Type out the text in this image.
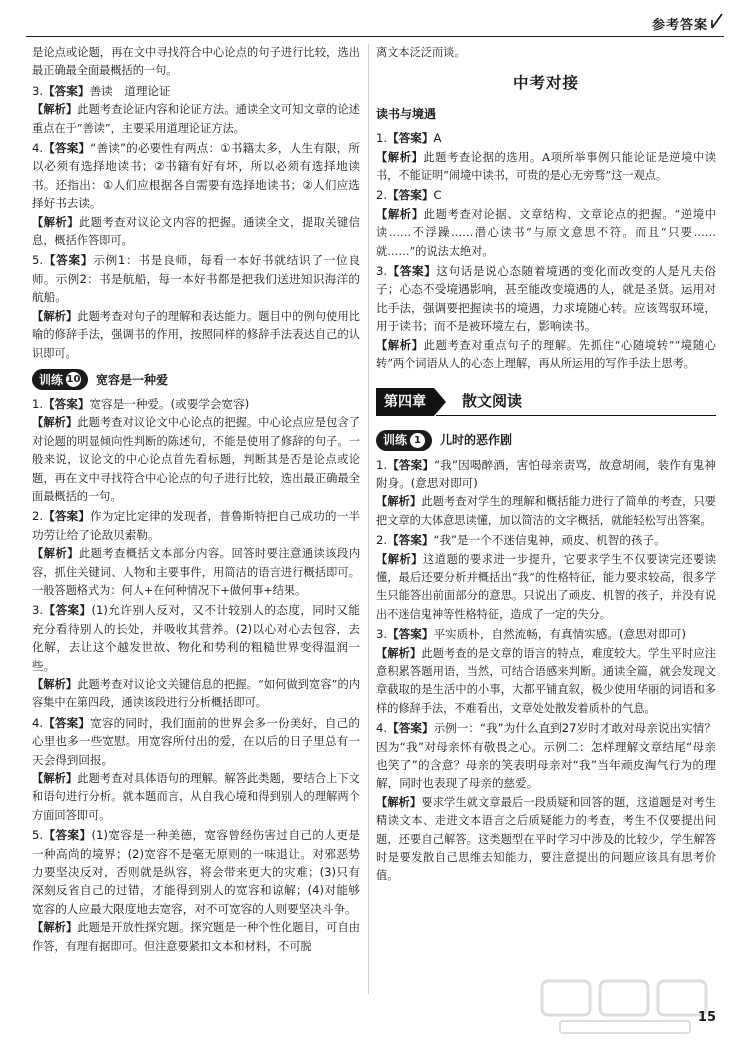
参考答案

是论点或论题，再在文中寻找符合中心论点的句子进行比较，选出最正确最全面最概括的一句。

3.【答案】善读　道理论证

【解析】此题考查论证内容和论证方法。通读全文可知文章的论述重点在于“善读”，主要采用道理论证方法。

4.【答案】“善读”的必要性有两点：①书籍太多，人生有限，所以必须有选择地读书；②书籍有好有坏，所以必须有选择地读书。还指出：①人们应根据各自需要有选择地读书；②人们应选择好书去读。

【解析】此题考查对议论文内容的把握。通读全文，提取关键信息，概括作答即可。

5.【答案】示例1：书是良师，每看一本好书就结识了一位良师。示例2：书是航船，每一本好书都是把我们送进知识海洋的航船。

【解析】此题考查对句子的理解和表达能力。题目中的例句使用比喻的修辞手法，强调书的作用，按照同样的修辞手法表达自己的认识即可。

训练 10 宽容是一种爱

1.【答案】宽容是一种爱。(或要学会宽容)

【解析】此题考查对议论文中心论点的把握。中心论点应是包含了对论题的明显倾向性判断的陈述句，不能是使用了修辞的句子。一般来说，议论文的中心论点首先看标题，判断其是否是论点或论题，再在文中寻找符合中心论点的句子进行比较，选出最正确最全面最概括的一句。

2.【答案】作为定比定律的发现者，普鲁斯特把自己成功的一半功劳让给了论敌贝索勒。

【解析】此题考查概括文本部分内容。回答时要注意通读该段内容，抓住关键词、人物和主要事件，用简洁的语言进行概括即可。一般答题格式为：何人+在何种情况下+做何事+结果。

3.【答案】(1)允许别人反对，又不计较别人的态度，同时又能充分看待别人的长处，并吸收其营养。(2)以心对心去包容，去化解，去让这个越发世故、物化和势利的粗糙世界变得温润一些。

【解析】此题考查对议论文关键信息的把握。“如何做到宽容”的内容集中在第四段，通读该段进行分析概括即可。

4.【答案】宽容的同时，我们面前的世界会多一份美好，自己的心里也多一些宽慰。用宽容所付出的爱，在以后的日子里总有一天会得到回报。

【解析】此题考查对具体语句的理解。解答此类题，要结合上下文和语句进行分析。就本题而言，从自我心境和得到别人的理解两个方面回答即可。

5.【答案】(1)宽容是一种美德，宽容曾经伤害过自己的人更是一种高尚的境界；(2)宽容不是毫无原则的一味退让。对邪恶势力要坚决反对，否则就是纵容，将会带来更大的灾难；(3)只有深刻反省自己的过错，才能得到别人的宽容和谅解；(4)对能够宽容的人应最大限度地去宽容，对不可宽容的人则要坚决斗争。

【解析】此题是开放性探究题。探究题是一种个性化题目，可自由作答，有理有据即可。但注意要紧扣文本和材料，不可脱

离文本泛泛而谈。

中考对接
读书与境遇

1.【答案】A

【解析】此题考查论据的选用。A项所举事例只能论证是逆境中读书，不能证明“闹境中读书，可贵的是心无旁骛”这一观点。

2.【答案】C

【解析】此题考查对论据、文章结构、文章论点的把握。“逆境中读……不浮躁……潜心读书”与原文意思不符。而且“只要……就……”的说法太绝对。

3.【答案】这句话是说心态随着境遇的变化而改变的人是凡夫俗子；心态不受境遇影响，甚至能改变境遇的人，就是圣贤。运用对比手法，强调要把握读书的境遇，力求境随心转。应该驾驭环境，用于读书；而不是被环境左右，影响读书。

【解析】此题考查对重点句子的理解。先抓住“心随境转”“境随心转”两个词语从人的心态上理解，再从所运用的写作手法上思考。

第四章	散文阅读
训练 1	儿时的恶作剧

1.【答案】“我”因喝醉酒，害怕母亲责骂，故意胡闹，装作有鬼神附身。(意思对即可)

【解析】此题考查对学生的理解和概括能力进行了简单的考查，只要把文章的大体意思读懂，加以简洁的文字概括，就能轻松写出答案。

2.【答案】“我”是一个不迷信鬼神，顽皮、机智的孩子。

【解析】这道题的要求进一步提升，它要求学生不仅要读完还要读懂，最后还要分析并概括出“我”的性格特征，能力要求较高，很多学生只能答出前面部分的意思。只说出了顽皮、机智的孩子，并没有说出不迷信鬼神等性格特征，造成了一定的失分。

3.【答案】平实质朴，自然流畅，有真情实感。(意思对即可)

【解析】此题考查的是文章的语言的特点，难度较大。学生平时应注意积累答题用语，当然，可结合语感来判断。通读全篇，就会发现文章截取的是生活中的小事，大都平铺直叙，极少使用华丽的词语和多样的修辞手法，不难看出，文章处处散发着质朴的气息。

4.【答案】示例一：“我”为什么直到27岁时才敢对母亲说出实情？因为“我”对母亲怀有敬畏之心。示例二：怎样理解文章结尾“母亲也笑了”的含意？母亲的笑表明母亲对“我”当年顽皮淘气行为的理解，同时也表现了母亲的慈爱。

【解析】要求学生就文章最后一段质疑和回答的题，这道题是对考生精读文本、走进文本语言之后质疑能力的考查，考生不仅要提出问题，还要自己解答。这类题型在平时学习中涉及的比较少，学生解答时是要发散自己思维去知能力，要注意提出的问题应该具有思考价值。

15
